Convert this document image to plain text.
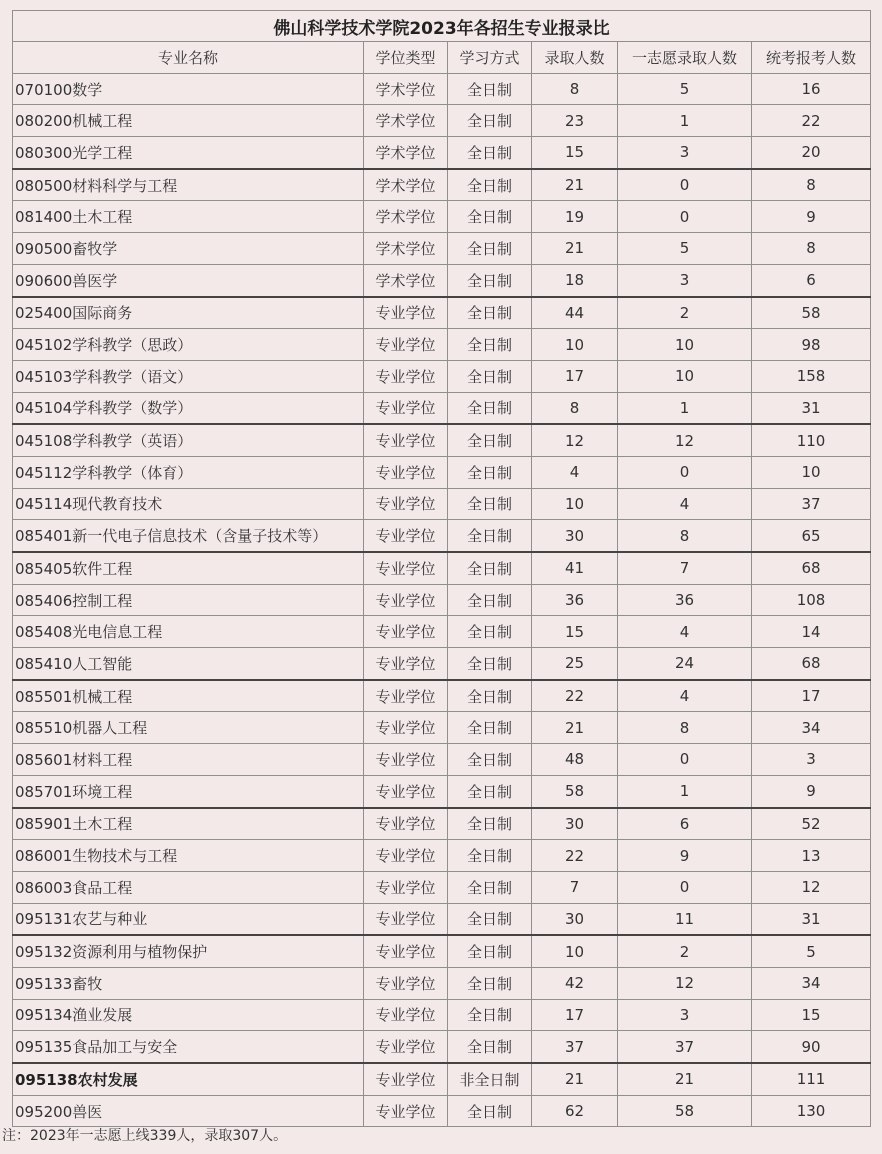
佛山科学技术学院2023年各招生专业报录比					
专业名称	学位类型	学习方式	录取人数	一志愿录取人数	统考报考人数
070100数学	学术学位	全日制	8	5	16
080200机械工程	学术学位	全日制	23	1	22
080300光学工程	学术学位	全日制	15	3	20
080500材料科学与工程	学术学位	全日制	21	0	8
081400土木工程	学术学位	全日制	19	0	9
090500畜牧学	学术学位	全日制	21	5	8
090600兽医学	学术学位	全日制	18	3	6
025400国际商务	专业学位	全日制	44	2	58
045102学科教学（思政）	专业学位	全日制	10	10	98
045103学科教学（语文）	专业学位	全日制	17	10	158
045104学科教学（数学）	专业学位	全日制	8	1	31
045108学科教学（英语）	专业学位	全日制	12	12	110
045112学科教学（体育）	专业学位	全日制	4	0	10
045114现代教育技术	专业学位	全日制	10	4	37
085401新一代电子信息技术（含量子技术等）	专业学位	全日制	30	8	65
085405软件工程	专业学位	全日制	41	7	68
085406控制工程	专业学位	全日制	36	36	108
085408光电信息工程	专业学位	全日制	15	4	14
085410人工智能	专业学位	全日制	25	24	68
085501机械工程	专业学位	全日制	22	4	17
085510机器人工程	专业学位	全日制	21	8	34
085601材料工程	专业学位	全日制	48	0	3
085701环境工程	专业学位	全日制	58	1	9
085901土木工程	专业学位	全日制	30	6	52
086001生物技术与工程	专业学位	全日制	22	9	13
086003食品工程	专业学位	全日制	7	0	12
095131农艺与种业	专业学位	全日制	30	11	31
095132资源利用与植物保护	专业学位	全日制	10	2	5
095133畜牧	专业学位	全日制	42	12	34
095134渔业发展	专业学位	全日制	17	3	15
095135食品加工与安全	专业学位	全日制	37	37	90
095138农村发展	专业学位	非全日制	21	21	111
095200兽医	专业学位	全日制	62	58	130
注：2023年一志愿上线339人，录取307人。
